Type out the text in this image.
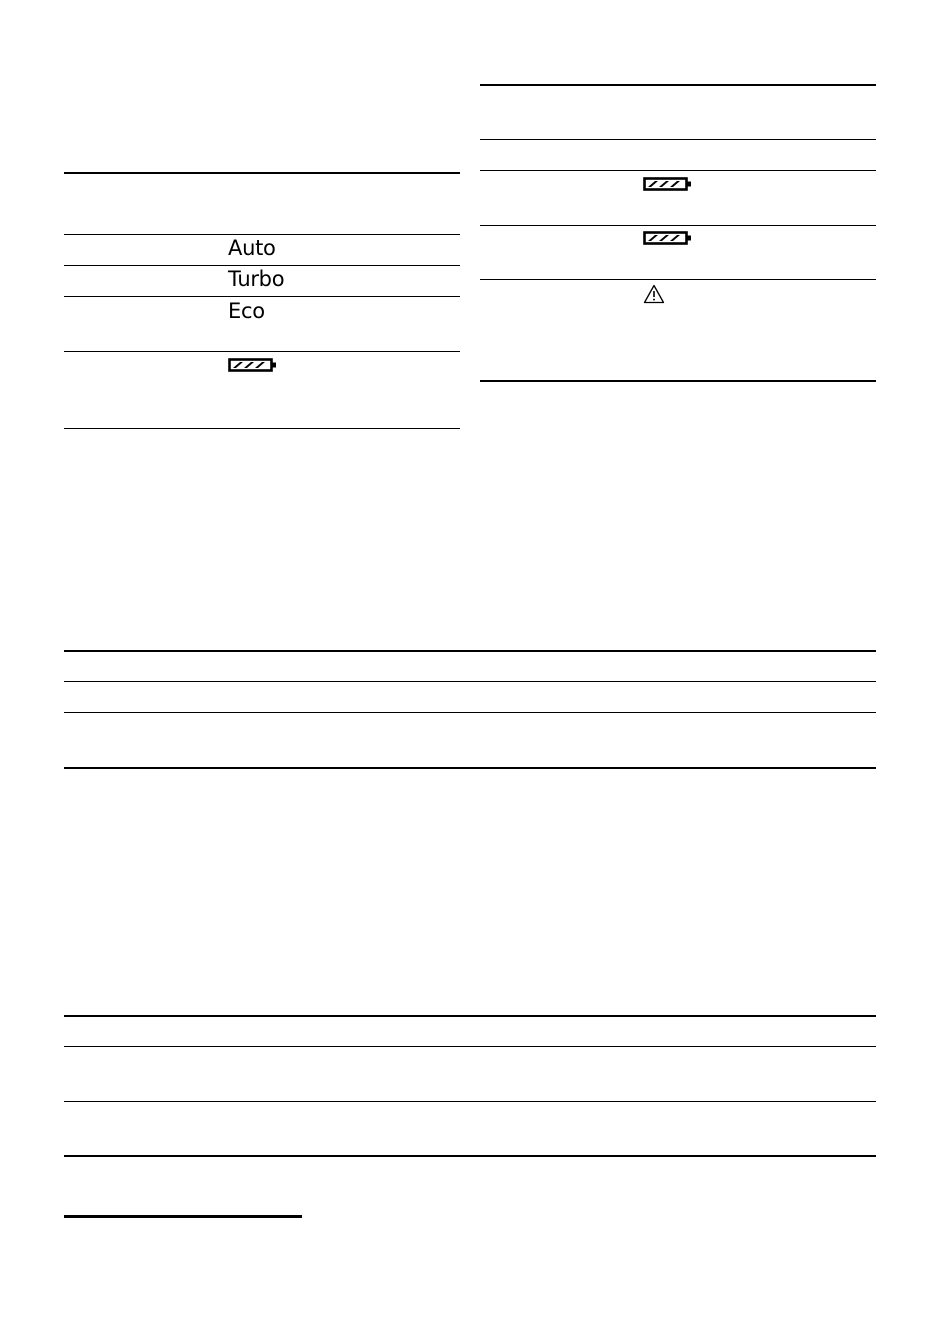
Auto
Turbo
Eco
